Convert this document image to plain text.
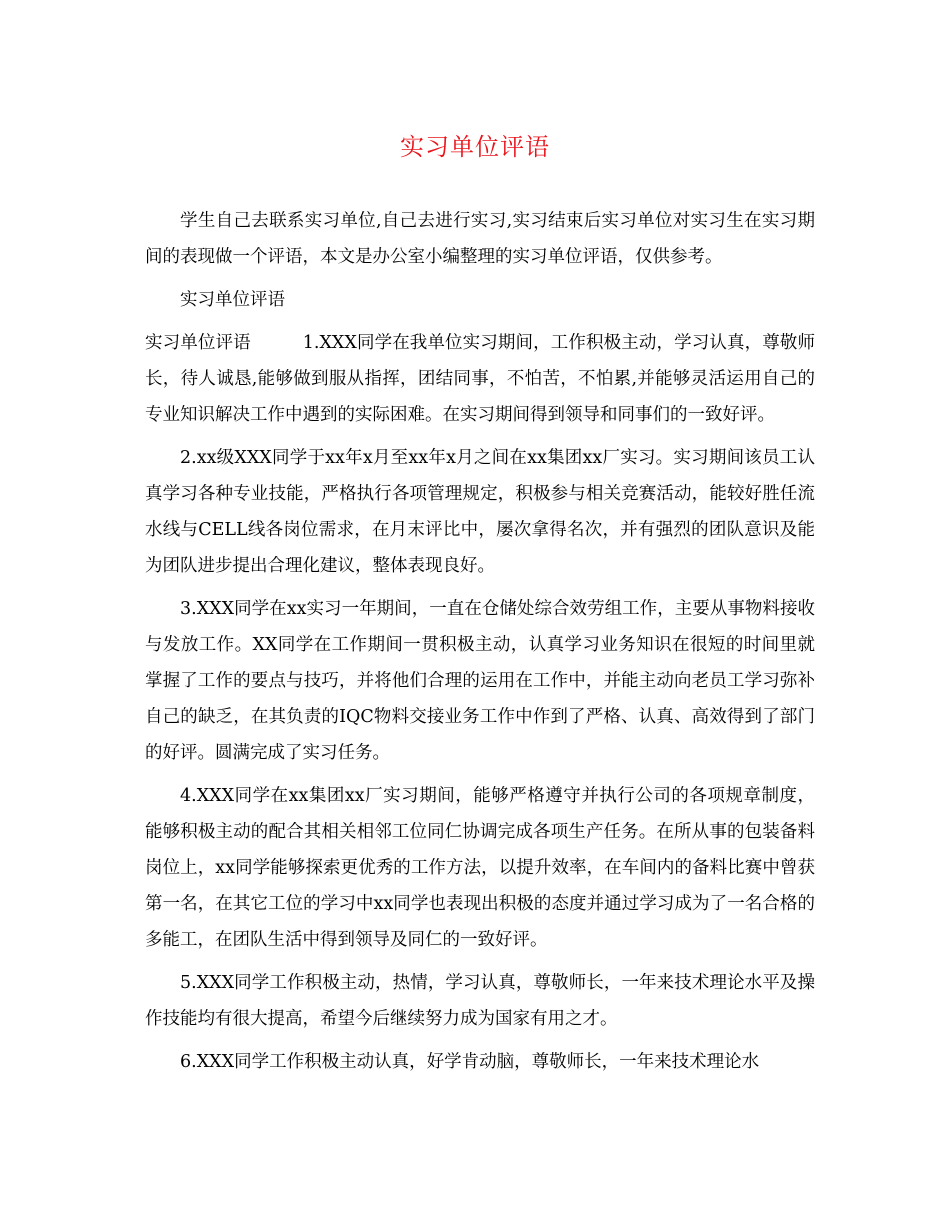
实习单位评语

学生自己去联系实习单位,自己去进行实习,实习结束后实习单位对实习生在实习期间的表现做一个评语，本文是办公室小编整理的实习单位评语，仅供参考。

实习单位评语

实习单位评语	1.XXX同学在我单位实习期间，工作积极主动，学习认真，尊敬师长，待人诚恳,能够做到服从指挥，团结同事，不怕苦，不怕累,并能够灵活运用自己的专业知识解决工作中遇到的实际困难。在实习期间得到领导和同事们的一致好评。

2.xx级XXX同学于xx年x月至xx年x月之间在xx集团xx厂实习。实习期间该员工认真学习各种专业技能，严格执行各项管理规定，积极参与相关竞赛活动，能较好胜任流水线与CELL线各岗位需求，在月末评比中，屡次拿得名次，并有强烈的团队意识及能为团队进步提出合理化建议，整体表现良好。

3.XXX同学在xx实习一年期间，一直在仓储处综合效劳组工作，主要从事物料接收与发放工作。XX同学在工作期间一贯积极主动，认真学习业务知识在很短的时间里就掌握了工作的要点与技巧，并将他们合理的运用在工作中，并能主动向老员工学习弥补自己的缺乏，在其负责的IQC物料交接业务工作中作到了严格、认真、高效得到了部门的好评。圆满完成了实习任务。

4.XXX同学在xx集团xx厂实习期间，能够严格遵守并执行公司的各项规章制度，能够积极主动的配合其相关相邻工位同仁协调完成各项生产任务。在所从事的包装备料岗位上，xx同学能够探索更优秀的工作方法，以提升效率，在车间内的备料比赛中曾获第一名，在其它工位的学习中xx同学也表现出积极的态度并通过学习成为了一名合格的多能工，在团队生活中得到领导及同仁的一致好评。

5.XXX同学工作积极主动，热情，学习认真，尊敬师长，一年来技术理论水平及操作技能均有很大提高，希望今后继续努力成为国家有用之才。

6.XXX同学工作积极主动认真，好学肯动脑，尊敬师长，一年来技术理论水
